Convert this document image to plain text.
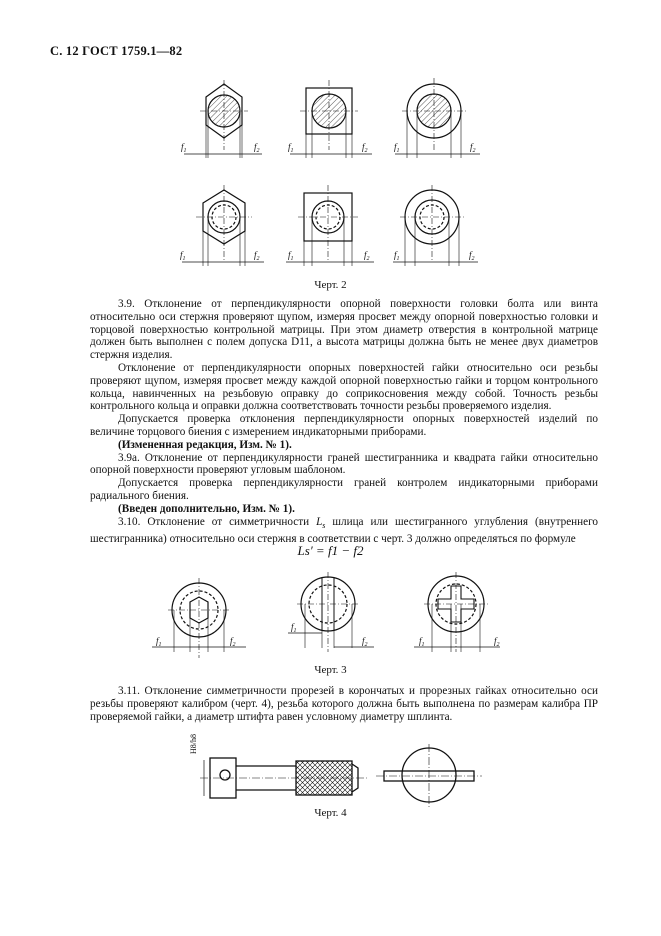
С. 12 ГОСТ 1759.1—82
$f_1$	$f_2$	$f_1$	$f_2$	$f_1$	$f_2$
$f_1$	$f_2$	$f_1$	$f_2$	$f_1$	$f_2$
Черт. 2

3.9. Отклонение от перпендикулярности опорной поверхности головки болта или винта относительно оси стержня проверяют щупом, измеряя просвет между опорной поверхностью головки и торцовой поверхностью контрольной матрицы. При этом диаметр отверстия в контрольной матрице должен быть выполнен с полем допуска D11, а высота матрицы должна быть не менее двух диаметров стержня изделия.

Отклонение от перпендикулярности опорных поверхностей гайки относительно оси резьбы проверяют щупом, измеряя просвет между каждой опорной поверхностью гайки и торцом контрольного кольца, навинченных на резьбовую оправку до соприкосновения между собой. Точность резьбы контрольного кольца и оправки должна соответствовать точности резьбы проверяемого изделия.

Допускается проверка отклонения перпендикулярности опорных поверхностей изделий по величине торцового биения с измерением индикаторными приборами.

(Измененная редакция, Изм. № 1).

3.9а. Отклонение от перпендикулярности граней шестигранника и квадрата гайки относительно опорной поверхности проверяют угловым шаблоном.

Допускается проверка перпендикулярности граней контролем индикаторными приборами радиального биения.

(Введен дополнительно, Изм. № 1).

3.10. Отклонение от симметричности $L_s$ шлица или шестигранного углубления (внутреннего шестигранника) относительно оси стержня в соответствии с черт. 3 должно определяться по формуле

Ls′ = f1 − f2
$f_1$	$f_2$
$f_1$
$f_2$	$f_1$	$f_2$
Черт. 3

3.11. Отклонение симметричности прорезей в корончатых и прорезных гайках относительно оси резьбы проверяют калибром (черт. 4), резьба которого должна быть выполнена по размерам калибра ПР проверяемой гайки, а диаметр штифта равен условному диаметру шплинта.

H8/h8
Черт. 4
